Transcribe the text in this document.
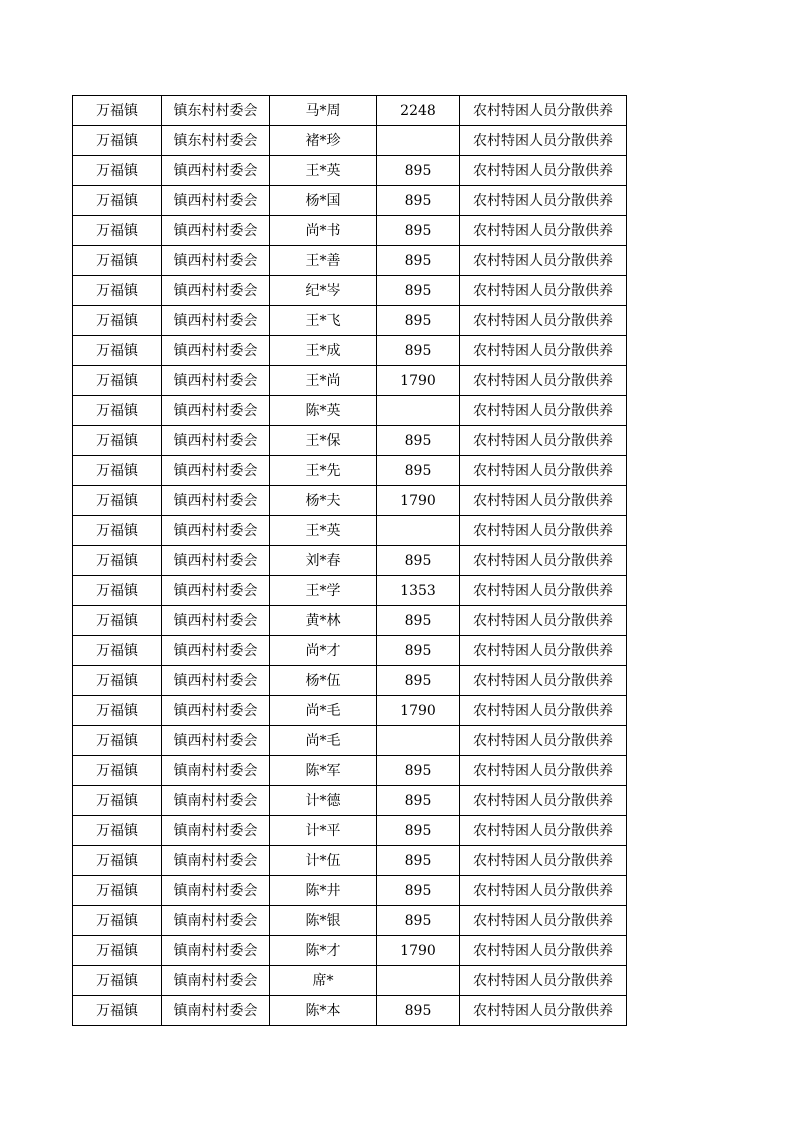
万福镇	镇东村村委会	马*周	2248	农村特困人员分散供养
万福镇	镇东村村委会	褚*珍		农村特困人员分散供养
万福镇	镇西村村委会	王*英	895	农村特困人员分散供养
万福镇	镇西村村委会	杨*国	895	农村特困人员分散供养
万福镇	镇西村村委会	尚*书	895	农村特困人员分散供养
万福镇	镇西村村委会	王*善	895	农村特困人员分散供养
万福镇	镇西村村委会	纪*岑	895	农村特困人员分散供养
万福镇	镇西村村委会	王*飞	895	农村特困人员分散供养
万福镇	镇西村村委会	王*成	895	农村特困人员分散供养
万福镇	镇西村村委会	王*尚	1790	农村特困人员分散供养
万福镇	镇西村村委会	陈*英		农村特困人员分散供养
万福镇	镇西村村委会	王*保	895	农村特困人员分散供养
万福镇	镇西村村委会	王*先	895	农村特困人员分散供养
万福镇	镇西村村委会	杨*夫	1790	农村特困人员分散供养
万福镇	镇西村村委会	王*英		农村特困人员分散供养
万福镇	镇西村村委会	刘*春	895	农村特困人员分散供养
万福镇	镇西村村委会	王*学	1353	农村特困人员分散供养
万福镇	镇西村村委会	黄*林	895	农村特困人员分散供养
万福镇	镇西村村委会	尚*才	895	农村特困人员分散供养
万福镇	镇西村村委会	杨*伍	895	农村特困人员分散供养
万福镇	镇西村村委会	尚*毛	1790	农村特困人员分散供养
万福镇	镇西村村委会	尚*毛		农村特困人员分散供养
万福镇	镇南村村委会	陈*军	895	农村特困人员分散供养
万福镇	镇南村村委会	计*德	895	农村特困人员分散供养
万福镇	镇南村村委会	计*平	895	农村特困人员分散供养
万福镇	镇南村村委会	计*伍	895	农村特困人员分散供养
万福镇	镇南村村委会	陈*井	895	农村特困人员分散供养
万福镇	镇南村村委会	陈*银	895	农村特困人员分散供养
万福镇	镇南村村委会	陈*才	1790	农村特困人员分散供养
万福镇	镇南村村委会	席*		农村特困人员分散供养
万福镇	镇南村村委会	陈*本	895	农村特困人员分散供养
